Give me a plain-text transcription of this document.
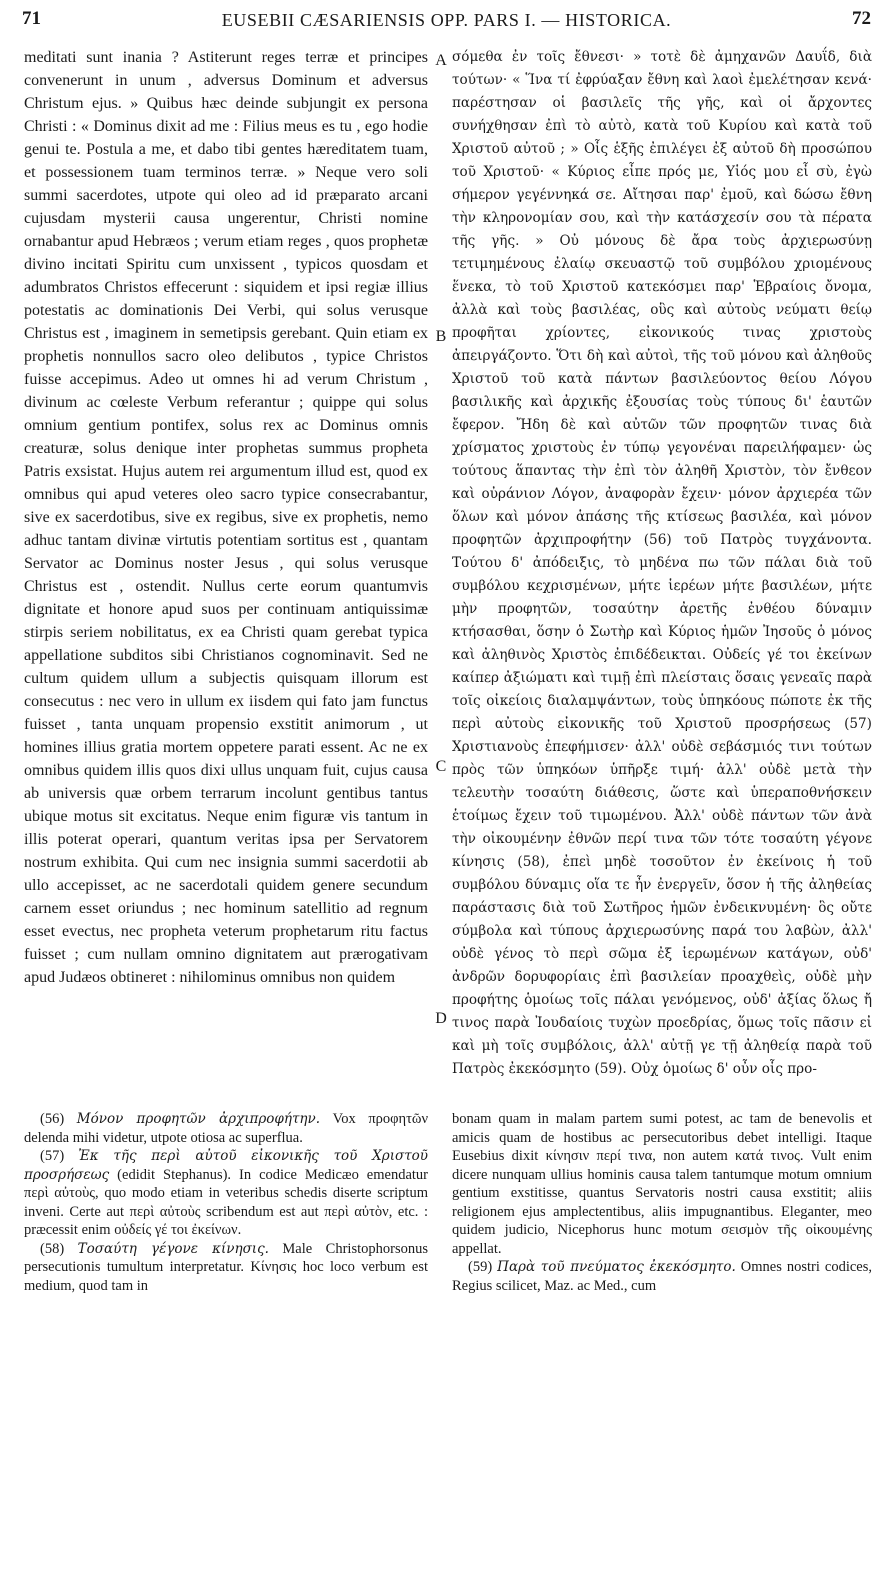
71	EUSEBII CÆSARIENSIS OPP. PARS I. — HISTORICA.	72

meditati sunt inania ? Astiterunt reges terræ et principes convenerunt in unum , adversus Dominum et adversus Christum ejus. » Quibus hæc deinde subjungit ex persona Christi : « Dominus dixit ad me : Filius meus es tu , ego hodie genui te. Postula a me, et dabo tibi gentes hæreditatem tuam, et possessionem tuam terminos terræ. » Neque vero soli summi sacerdotes, utpote qui oleo ad id præparato arcani cujusdam mysterii causa ungerentur, Christi nomine ornabantur apud Hebræos ; verum etiam reges , quos prophetæ divino incitati Spiritu cum unxissent , typicos quosdam et adumbratos Christos effecerunt : siquidem et ipsi regiæ illius potestatis ac dominationis Dei Verbi, qui solus verusque Christus est , imaginem in semetipsis gerebant. Quin etiam ex prophetis nonnullos sacro oleo delibutos , typice Christos fuisse accepimus. Adeo ut omnes hi ad verum Christum , divinum ac cœleste Verbum referantur ; quippe qui solus omnium gentium pontifex, solus rex ac Dominus omnis creaturæ, solus denique inter prophetas summus propheta Patris exsistat. Hujus autem rei argumentum illud est, quod ex omnibus qui apud veteres oleo sacro typice consecrabantur, sive ex sacerdotibus, sive ex regibus, sive ex prophetis, nemo adhuc tantam divinæ virtutis potentiam sortitus est , quantam Servator ac Dominus noster Jesus , qui solus verusque Christus est , ostendit. Nullus certe eorum quantumvis dignitate et honore apud suos per continuam antiquissimæ stirpis seriem nobilitatus, ex ea Christi quam gerebat typica appellatione subditos sibi Christianos cognominavit. Sed ne cultum quidem ullum a subjectis quisquam illorum est consecutus : nec vero in ullum ex iisdem qui fato jam functus fuisset , tanta unquam propensio exstitit animorum , ut homines illius gratia mortem oppetere parati essent. Ac ne ex omnibus quidem illis quos dixi ullus unquam fuit, cujus causa ab universis quæ orbem terrarum incolunt gentibus tantus ubique motus sit excitatus. Neque enim figuræ vis tantum in illis poterat operari, quantum veritas ipsa per Servatorem nostrum exhibita. Qui cum nec insignia summi sacerdotii ab ullo accepisset, ac ne sacerdotali quidem genere secundum carnem esset oriundus ; nec hominum satellitio ad regnum esset evectus, nec propheta veterum prophetarum ritu factus fuisset ; cum nullam omnino dignitatem aut prærogativam apud Judæos obtineret : nihilominus omnibus non quidem

A
B
C
D

σόμεθα ἐν τοῖς ἔθνεσι· » τοτὲ δὲ ἀμηχανῶν Δαυΐδ, διὰ τούτων· « Ἵνα τί ἐφρύαξαν ἔθνη καὶ λαοὶ ἐμελέτησαν κενά· παρέστησαν οἱ βασιλεῖς τῆς γῆς, καὶ οἱ ἄρχοντες συνήχθησαν ἐπὶ τὸ αὐτὸ, κατὰ τοῦ Κυρίου καὶ κατὰ τοῦ Χριστοῦ αὐτοῦ ; » Οἷς ἑξῆς ἐπιλέγει ἐξ αὐτοῦ δὴ προσώπου τοῦ Χριστοῦ· « Κύριος εἶπε πρός με, Υἱός μου εἶ σὺ, ἐγὼ σήμερον γεγέννηκά σε. Αἴτησαι παρ' ἐμοῦ, καὶ δώσω ἔθνη τὴν κληρονομίαν σου, καὶ τὴν κατάσχεσίν σου τὰ πέρατα τῆς γῆς. » Οὐ μόνους δὲ ἄρα τοὺς ἀρχιερωσύνῃ τετιμημένους ἐλαίῳ σκευαστῷ τοῦ συμβόλου χριομένους ἕνεκα, τὸ τοῦ Χριστοῦ κατεκόσμει παρ' Ἑβραίοις ὄνομα, ἀλλὰ καὶ τοὺς βασιλέας, οὓς καὶ αὐτοὺς νεύματι θείῳ προφῆται χρίοντες, εἰκονικούς τινας χριστοὺς ἀπειργάζοντο. Ὅτι δὴ καὶ αὐτοὶ, τῆς τοῦ μόνου καὶ ἀληθοῦς Χριστοῦ τοῦ κατὰ πάντων βασιλεύοντος θείου Λόγου βασιλικῆς καὶ ἀρχικῆς ἐξουσίας τοὺς τύπους δι' ἑαυτῶν ἔφερον. Ἤδη δὲ καὶ αὐτῶν τῶν προφητῶν τινας διὰ χρίσματος χριστοὺς ἐν τύπῳ γεγονέναι παρειλήφαμεν· ὡς τούτους ἅπαντας τὴν ἐπὶ τὸν ἀληθῆ Χριστὸν, τὸν ἔνθεον καὶ οὐράνιον Λόγον, ἀναφορὰν ἔχειν· μόνον ἀρχιερέα τῶν ὅλων καὶ μόνον ἁπάσης τῆς κτίσεως βασιλέα, καὶ μόνον προφητῶν ἀρχιπροφήτην (56) τοῦ Πατρὸς τυγχάνοντα. Τούτου δ' ἀπόδειξις, τὸ μηδένα πω τῶν πάλαι διὰ τοῦ συμβόλου κεχρισμένων, μήτε ἱερέων μήτε βασιλέων, μήτε μὴν προφητῶν, τοσαύτην ἀρετῆς ἐνθέου δύναμιν κτήσασθαι, ὅσην ὁ Σωτὴρ καὶ Κύριος ἡμῶν Ἰησοῦς ὁ μόνος καὶ ἀληθινὸς Χριστὸς ἐπιδέδεικται. Οὐδείς γέ τοι ἐκείνων καίπερ ἀξιώματι καὶ τιμῇ ἐπὶ πλείσταις ὅσαις γενεαῖς παρὰ τοῖς οἰκείοις διαλαμψάντων, τοὺς ὑπηκόους πώποτε ἐκ τῆς περὶ αὐτοὺς εἰκονικῆς τοῦ Χριστοῦ προσρήσεως (57) Χριστιανοὺς ἐπεφήμισεν· ἀλλ' οὐδὲ σεβάσμιός τινι τούτων πρὸς τῶν ὑπηκόων ὑπῆρξε τιμή· ἀλλ' οὐδὲ μετὰ τὴν τελευτὴν τοσαύτη διάθεσις, ὥστε καὶ ὑπεραποθνήσκειν ἑτοίμως ἔχειν τοῦ τιμωμένου. Ἀλλ' οὐδὲ πάντων τῶν ἀνὰ τὴν οἰκουμένην ἐθνῶν περί τινα τῶν τότε τοσαύτη γέγονε κίνησις (58), ἐπεὶ μηδὲ τοσοῦτον ἐν ἐκείνοις ἡ τοῦ συμβόλου δύναμις οἵα τε ἦν ἐνεργεῖν, ὅσον ἡ τῆς ἀληθείας παράστασις διὰ τοῦ Σωτῆρος ἡμῶν ἐνδεικνυμένη· ὃς οὔτε σύμβολα καὶ τύπους ἀρχιερωσύνης παρά του λαβὼν, ἀλλ' οὐδὲ γένος τὸ περὶ σῶμα ἐξ ἱερωμένων κατάγων, οὐδ' ἀνδρῶν δορυφορίαις ἐπὶ βασιλείαν προαχθεὶς, οὐδὲ μὴν προφήτης ὁμοίως τοῖς πάλαι γενόμενος, οὐδ' ἀξίας ὅλως ἤ τινος παρὰ Ἰουδαίοις τυχὼν προεδρίας, ὅμως τοῖς πᾶσιν εἰ καὶ μὴ τοῖς συμβόλοις, ἀλλ' αὐτῇ γε τῇ ἀληθείᾳ παρὰ τοῦ Πατρὸς ἐκεκόσμητο (59). Οὐχ ὁμοίως δ' οὖν οἷς προ-

(56) Μόνον προφητῶν ἀρχιπροφήτην. Vox προφητῶν delenda mihi videtur, utpote otiosa ac superflua.

(57) Ἐκ τῆς περὶ αὐτοῦ εἰκονικῆς τοῦ Χριστοῦ προσρήσεως (edidit Stephanus). In codice Medicæo emendatur περὶ αὐτοὺς, quo modo etiam in veteribus schedis diserte scriptum inveni. Certe aut περὶ αὐτοὺς scribendum est aut περὶ αὐτὸν, etc. : præcessit enim οὐδείς γέ τοι ἐκείνων.

(58) Τοσαύτη γέγονε κίνησις. Male Christophorsonus persecutionis tumultum interpretatur. Κίνησις hoc loco verbum est medium, quod tam in

bonam quam in malam partem sumi potest, ac tam de benevolis et amicis quam de hostibus ac persecutoribus debet intelligi. Itaque Eusebius dixit κίνησιν περί τινα, non autem κατά τινος. Vult enim dicere nunquam ullius hominis causa talem tantumque motum omnium gentium exstitisse, quantus Servatoris nostri causa exstitit; aliis religionem ejus amplectentibus, aliis impugnantibus. Eleganter, meo quidem judicio, Nicephorus hunc motum σεισμὸν τῆς οἰκουμένης appellat.

(59) Παρὰ τοῦ πνεύματος ἐκεκόσμητο. Omnes nostri codices, Regius scilicet, Maz. ac Med., cum
